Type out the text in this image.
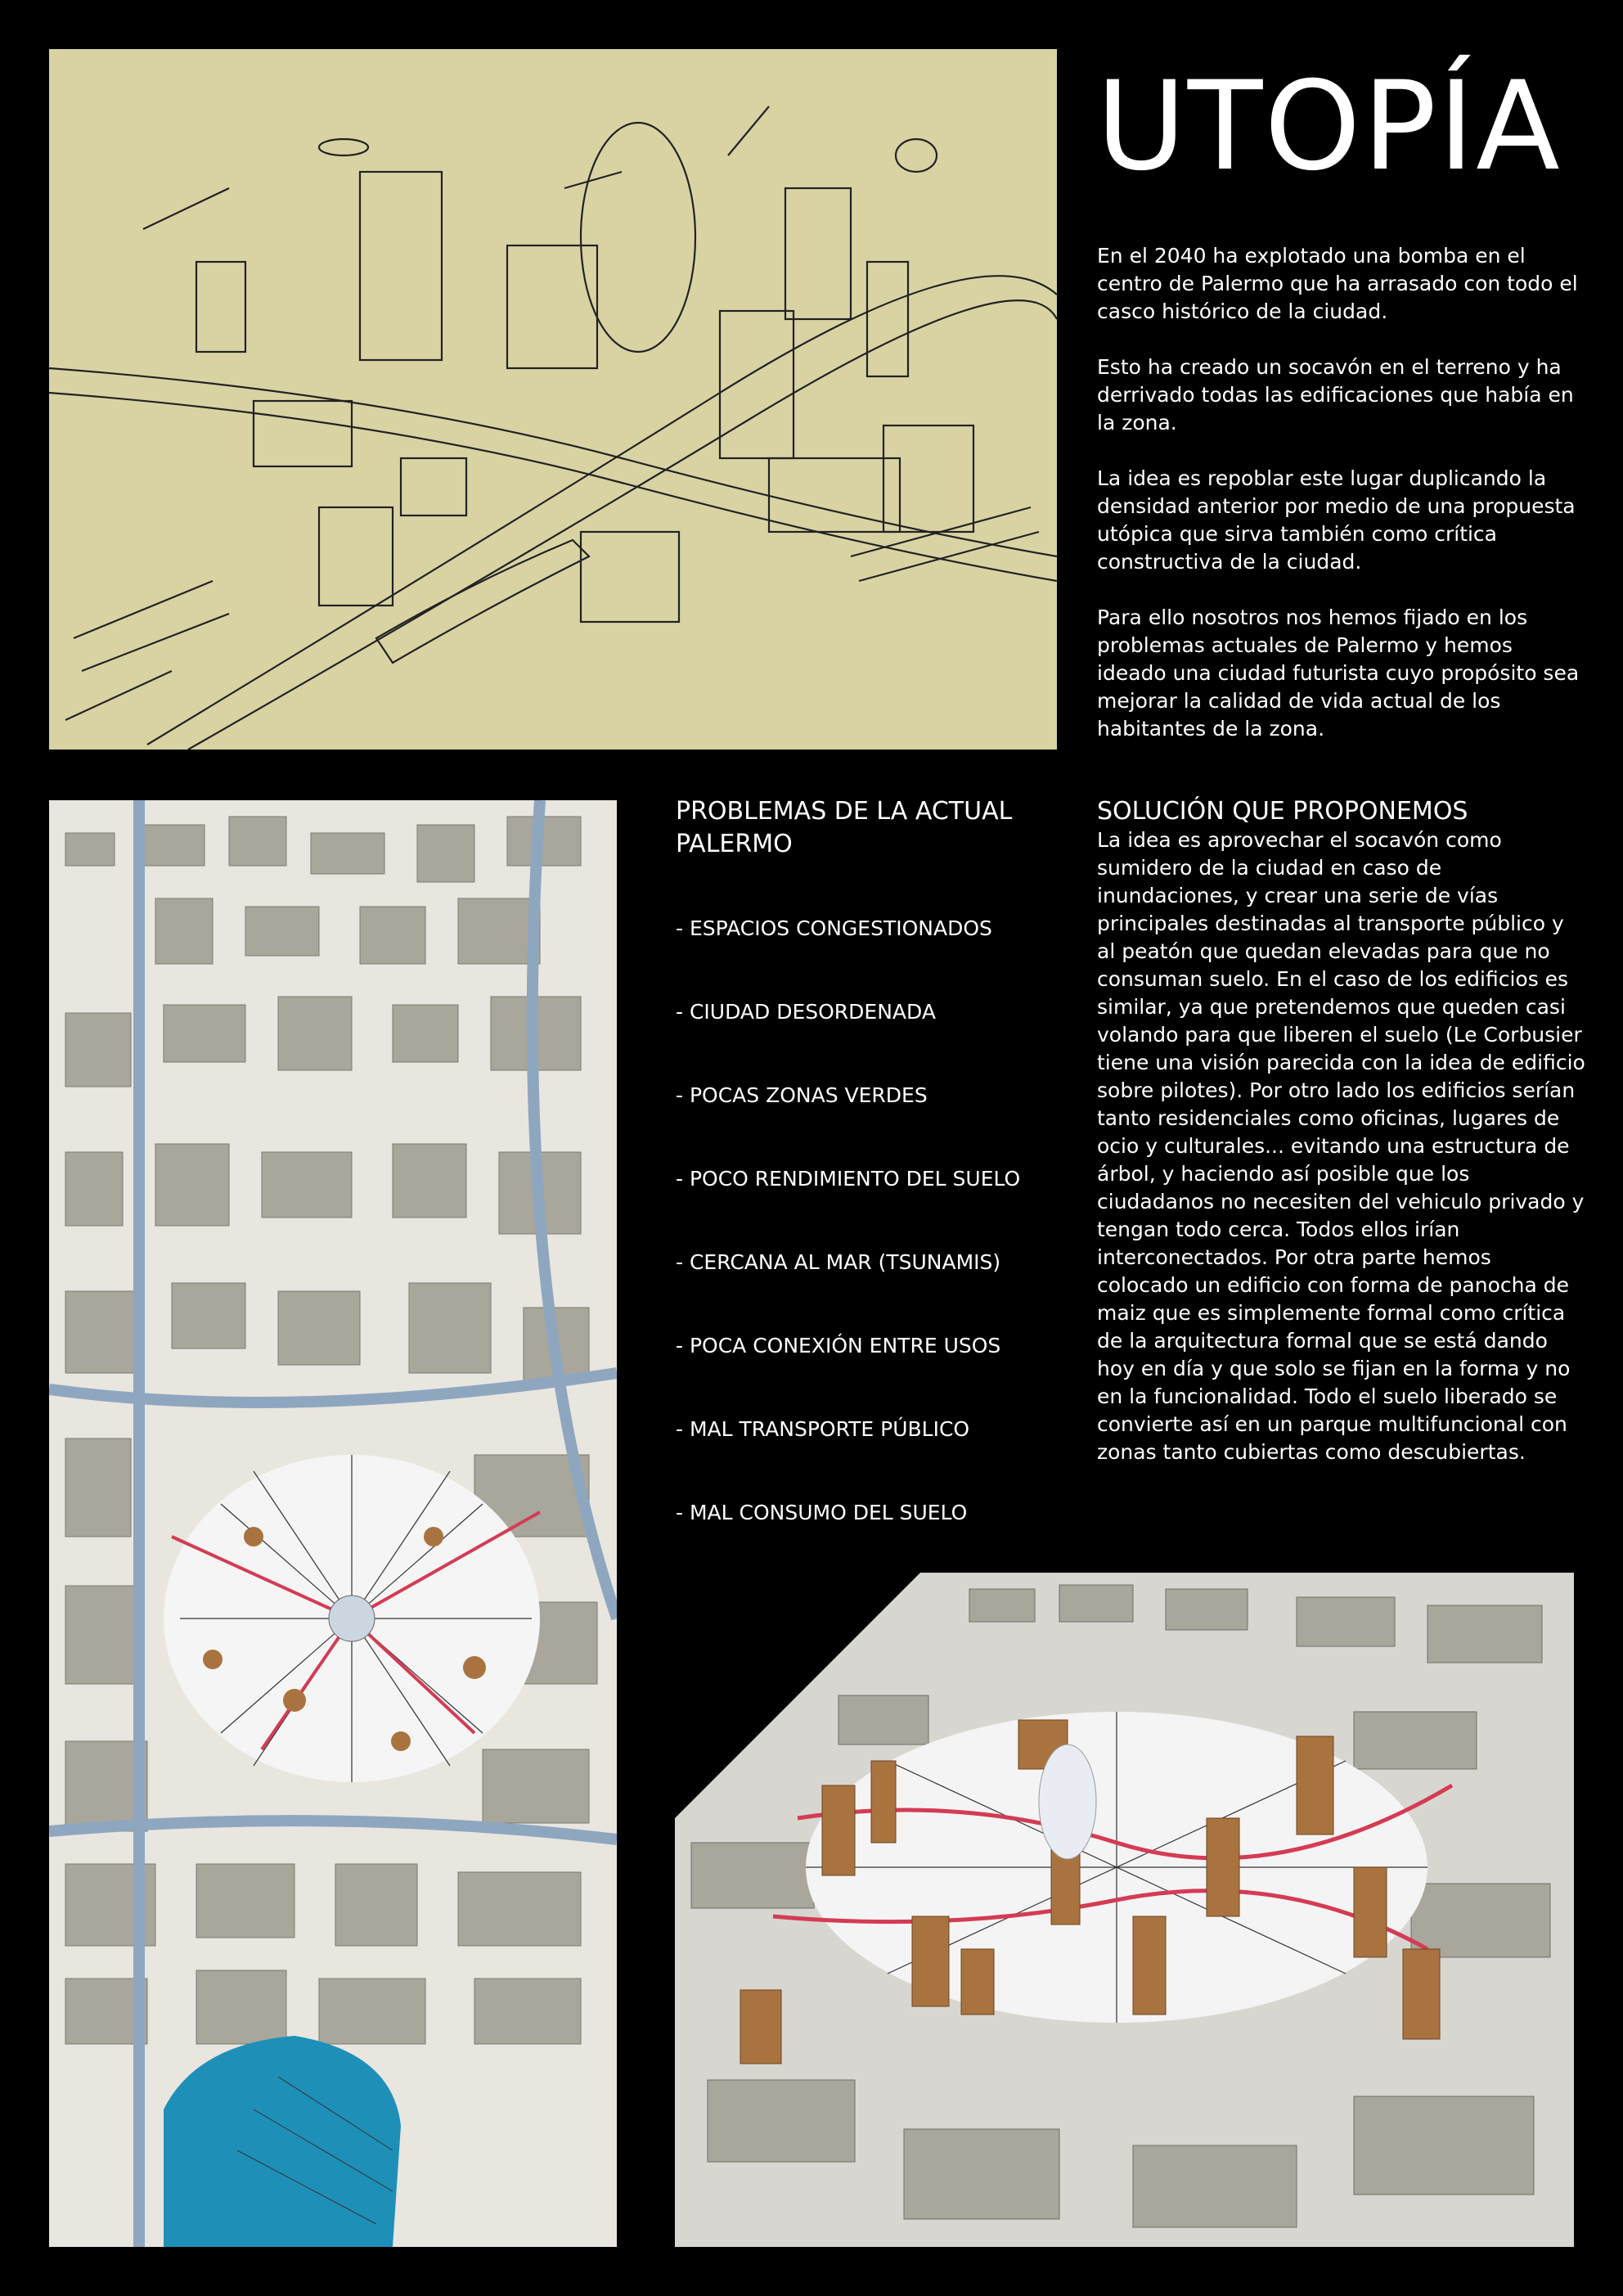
UTOPÍA

En el 2040 ha explotado una bomba en el centro de Palermo que ha arrasado con todo el casco histórico de la ciudad.

Esto ha creado un socavón en el terreno y ha derrivado todas las edificaciones que había en la zona.

La idea es repoblar este lugar duplicando la densidad anterior por medio de una propuesta utópica que sirva también como crítica constructiva de la ciudad.

Para ello nosotros nos hemos fijado en los problemas actuales de Palermo y hemos ideado una ciudad futurista cuyo propósito sea mejorar la calidad de vida actual de los habitantes de la zona.

PROBLEMAS DE LA ACTUAL PALERMO
- ESPACIOS CONGESTIONADOS
- CIUDAD DESORDENADA
- POCAS ZONAS VERDES
- POCO RENDIMIENTO DEL SUELO
- CERCANA AL MAR (TSUNAMIS)
- POCA CONEXIÓN ENTRE USOS
- MAL TRANSPORTE PÚBLICO
- MAL CONSUMO DEL SUELO
SOLUCIÓN QUE PROPONEMOS

La idea es aprovechar el socavón como sumidero de la ciudad en caso de inundaciones, y crear una serie de vías principales destinadas al transporte público y al peatón que quedan elevadas para que no consuman suelo. En el caso de los edificios es similar, ya que pretendemos que queden casi volando para que liberen el suelo (Le Corbusier tiene una visión parecida con la idea de edificio sobre pilotes). Por otro lado los edificios serían tanto residenciales como oficinas, lugares de ocio y culturales... evitando una estructura de árbol, y haciendo así posible que los ciudadanos no necesiten del vehiculo privado y tengan todo cerca. Todos ellos irían interconectados. Por otra parte hemos colocado un edificio con forma de panocha de maiz que es simplemente formal como crítica de la arquitectura formal que se está dando hoy en día y que solo se fijan en la forma y no en la funcionalidad. Todo el suelo liberado se convierte así en un parque multifuncional con zonas tanto cubiertas como descubiertas.
